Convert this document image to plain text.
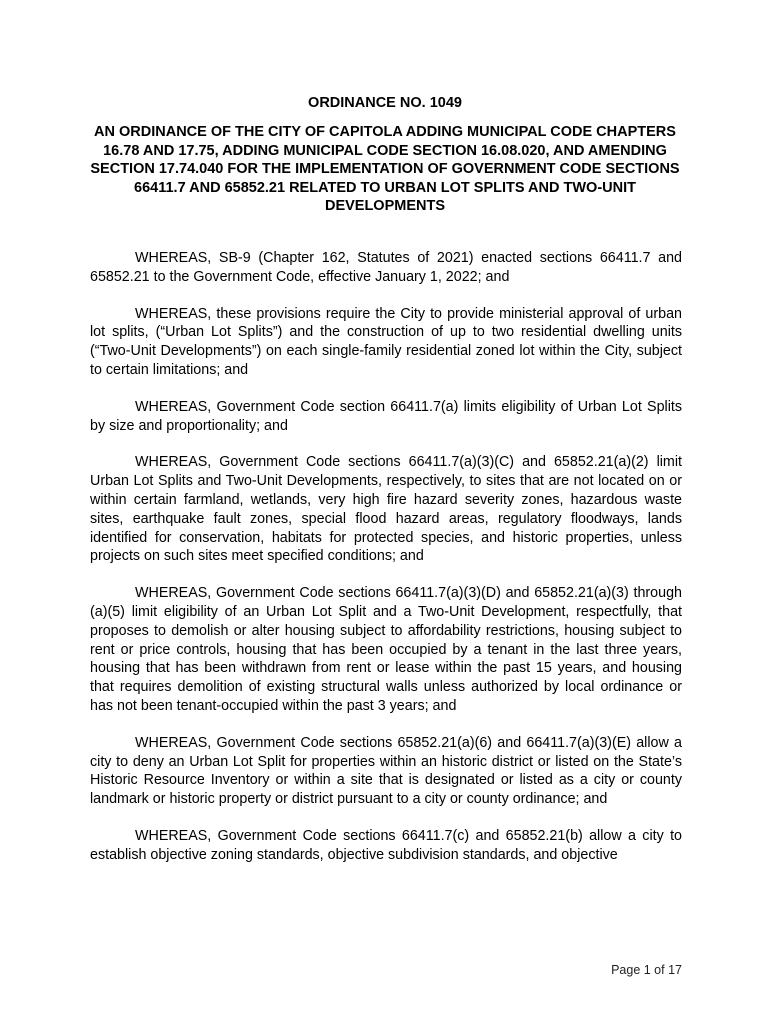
ORDINANCE NO. 1049
AN ORDINANCE OF THE CITY OF CAPITOLA ADDING MUNICIPAL CODE CHAPTERS 16.78 AND 17.75, ADDING MUNICIPAL CODE SECTION 16.08.020, AND AMENDING SECTION 17.74.040 FOR THE IMPLEMENTATION OF GOVERNMENT CODE SECTIONS 66411.7 AND 65852.21 RELATED TO URBAN LOT SPLITS AND TWO-UNIT DEVELOPMENTS

WHEREAS, SB-9 (Chapter 162, Statutes of 2021) enacted sections 66411.7 and 65852.21 to the Government Code, effective January 1, 2022; and

WHEREAS, these provisions require the City to provide ministerial approval of urban lot splits, (“Urban Lot Splits”) and the construction of up to two residential dwelling units (“Two-Unit Developments”) on each single-family residential zoned lot within the City, subject to certain limitations; and

WHEREAS, Government Code section 66411.7(a) limits eligibility of Urban Lot Splits by size and proportionality; and

WHEREAS, Government Code sections 66411.7(a)(3)(C) and 65852.21(a)(2) limit Urban Lot Splits and Two-Unit Developments, respectively, to sites that are not located on or within certain farmland, wetlands, very high fire hazard severity zones, hazardous waste sites, earthquake fault zones, special flood hazard areas, regulatory floodways, lands identified for conservation, habitats for protected species, and historic properties, unless projects on such sites meet specified conditions; and

WHEREAS, Government Code sections 66411.7(a)(3)(D) and 65852.21(a)(3) through (a)(5) limit eligibility of an Urban Lot Split and a Two-Unit Development, respectfully, that proposes to demolish or alter housing subject to affordability restrictions, housing subject to rent or price controls, housing that has been occupied by a tenant in the last three years, housing that has been withdrawn from rent or lease within the past 15 years, and housing that requires demolition of existing structural walls unless authorized by local ordinance or has not been tenant-occupied within the past 3 years; and

WHEREAS, Government Code sections 65852.21(a)(6) and 66411.7(a)(3)(E) allow a city to deny an Urban Lot Split for properties within an historic district or listed on the State’s Historic Resource Inventory or within a site that is designated or listed as a city or county landmark or historic property or district pursuant to a city or county ordinance; and

WHEREAS, Government Code sections 66411.7(c) and 65852.21(b) allow a city to establish objective zoning standards, objective subdivision standards, and objective

Page 1 of 17
